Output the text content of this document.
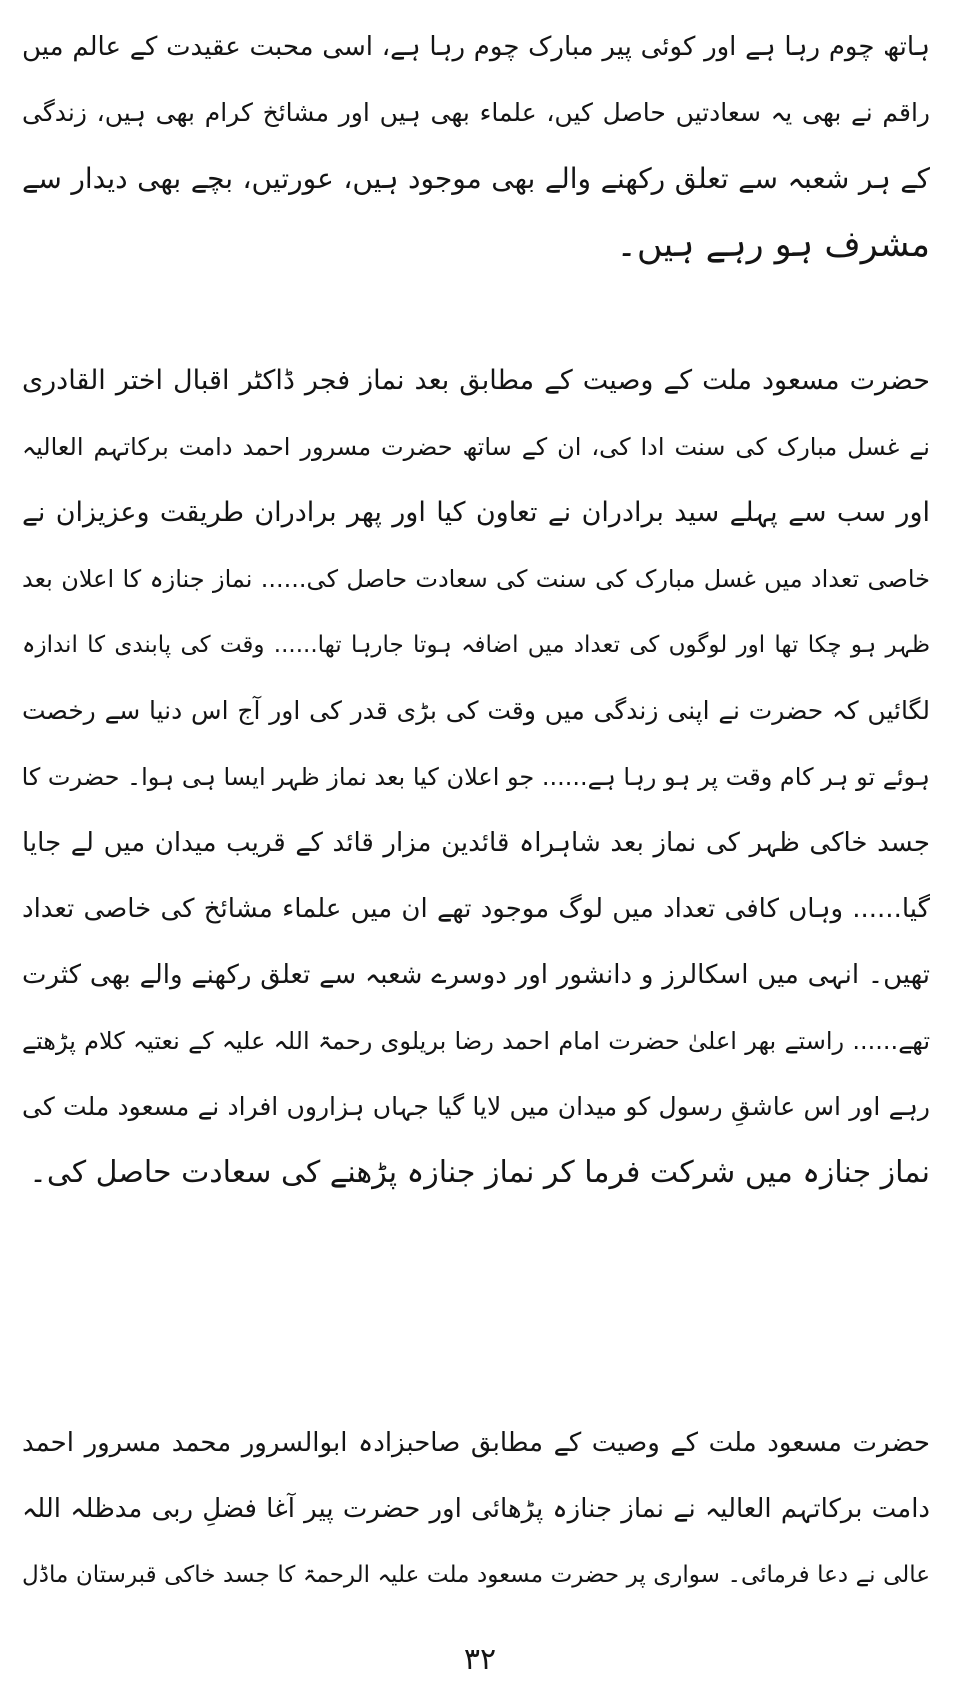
ہاتھ چوم رہا ہے اور کوئی پیر مبارک چوم رہا ہے، اسی محبت عقیدت کے عالم میں
راقم نے بھی یہ سعادتیں حاصل کیں، علماء بھی ہیں اور مشائخ کرام بھی ہیں، زندگی
کے ہر شعبہ سے تعلق رکھنے والے بھی موجود ہیں، عورتیں، بچے بھی دیدار سے
مشرف ہو رہے ہیں۔
حضرت مسعود ملت کے وصیت کے مطابق بعد نماز فجر ڈاکٹر اقبال اختر القادری
نے غسل مبارک کی سنت ادا کی، ان کے ساتھ حضرت مسرور احمد دامت برکاتہم العالیہ
اور سب سے پہلے سید برادران نے تعاون کیا اور پھر برادران طریقت وعزیزان نے
خاصی تعداد میں غسل مبارک کی سنت کی سعادت حاصل کی...... نماز جنازہ کا اعلان بعد
ظہر ہو چکا تھا اور لوگوں کی تعداد میں اضافہ ہوتا جارہا تھا...... وقت کی پابندی کا اندازہ
لگائیں کہ حضرت نے اپنی زندگی میں وقت کی بڑی قدر کی اور آج اس دنیا سے رخصت
ہوئے تو ہر کام وقت پر ہو رہا ہے...... جو اعلان کیا بعد نماز ظہر ایسا ہی ہوا۔ حضرت کا
جسد خاکی ظہر کی نماز بعد شاہراہ قائدین مزار قائد کے قریب میدان میں لے جایا
گیا...... وہاں کافی تعداد میں لوگ موجود تھے ان میں علماء مشائخ کی خاصی تعداد
تھیں۔ انہی میں اسکالرز و دانشور اور دوسرے شعبہ سے تعلق رکھنے والے بھی کثرت
تھے...... راستے بھر اعلیٰ حضرت امام احمد رضا بریلوی رحمۃ اللہ علیہ کے نعتیہ کلام پڑھتے
رہے اور اس عاشقِ رسول کو میدان میں لایا گیا جہاں ہزاروں افراد نے مسعود ملت کی
نماز جنازہ میں شرکت فرما کر نماز جنازہ پڑھنے کی سعادت حاصل کی۔
حضرت مسعود ملت کے وصیت کے مطابق صاحبزادہ ابوالسرور محمد مسرور احمد
دامت برکاتہم العالیہ نے نماز جنازہ پڑھائی اور حضرت پیر آغا فضلِ ربی مدظلہ اللہ
عالی نے دعا فرمائی۔ سواری پر حضرت مسعود ملت علیہ الرحمۃ کا جسد خاکی قبرستان ماڈل
۳۲
